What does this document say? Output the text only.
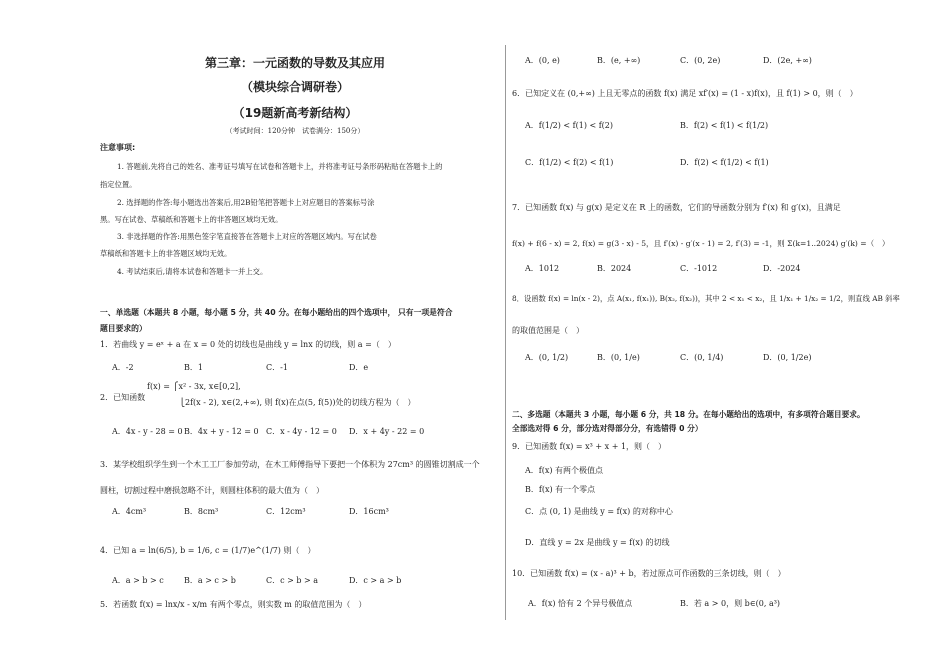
第三章：一元函数的导数及其应用
（模块综合调研卷）
（19题新高考新结构）
（考试时间：120分钟　试卷满分：150分）
注意事项:
1. 答题前,先将自己的姓名、准考证号填写在试卷和答题卡上，并将准考证号条形码粘贴在答题卡上的
指定位置。
2. 选择题的作答:每小题选出答案后,用2B铅笔把答题卡上对应题目的答案标号涂
黑。写在试卷、草稿纸和答题卡上的非答题区域均无效。
3. 非选择题的作答:用黑色签字笔直接答在答题卡上对应的答题区域内。写在试卷
草稿纸和答题卡上的非答题区域均无效。
4. 考试结束后,请将本试卷和答题卡一并上交。
一、单选题（本题共 8 小题，每小题 5 分，共 40 分。在每小题给出的四个选项中， 只有一项是符合
题目要求的）
1．若曲线 y = eˣ + a 在 x = 0 处的切线也是曲线 y = lnx 的切线，则 a =（　）
A．-2	B．1	C．-1	D．e
f(x) = ⎧x² - 3x, x∈[0,2],
2．已知函数
⎩2f(x - 2), x∈(2,+∞), 则 f(x)在点(5, f(5))处的切线方程为（　）
A．4x - y - 28 = 0 B．4x + y - 12 = 0 C．x - 4y - 12 = 0 D．x + 4y - 22 = 0
3．某学校组织学生到一个木工工厂参加劳动，在木工师傅指导下要把一个体积为 27cm³ 的圆锥切割成一个
圆柱，切割过程中磨损忽略不计，则圆柱体积的最大值为（　）
A．4cm³	B．8cm³	C．12cm³	D．16cm³
4．已知 a = ln(6/5), b = 1/6, c = (1/7)e^(1/7) 则（　）
A．a > b > c	B．a > c > b	C．c > b > a	D．c > a > b
5．若函数 f(x) = lnx/x - x/m 有两个零点，则实数 m 的取值范围为（　）
A．(0, e)	B．(e, +∞)	C．(0, 2e)	D．(2e, +∞)
6．已知定义在 (0,+∞) 上且无零点的函数 f(x) 满足 xf′(x) = (1 - x)f(x)，且 f(1) > 0，则（　）
A．f(1/2) < f(1) < f(2)	B．f(2) < f(1) < f(1/2)
C．f(1/2) < f(2) < f(1)	D．f(2) < f(1/2) < f(1)
7．已知函数 f(x) 与 g(x) 是定义在 R 上的函数，它们的导函数分别为 f′(x) 和 g′(x)，且满足
f(x) + f(6 - x) = 2, f(x) = g(3 - x) - 5，且 f′(x) - g′(x - 1) = 2, f′(3) = -1，则 Σ(k=1..2024) g′(k) =（　）
A．1012	B．2024	C．-1012	D．-2024
8．设函数 f(x) = ln(x - 2)，点 A(x₁, f(x₁)), B(x₂, f(x₂))，其中 2 < x₁ < x₂，且 1/x₁ + 1/x₂ = 1/2，则直线 AB 斜率
的取值范围是（　）
A．(0, 1/2)	B．(0, 1/e)	C．(0, 1/4)	D．(0, 1/2e)
二、多选题（本题共 3 小题，每小题 6 分，共 18 分。在每小题给出的选项中，有多项符合题目要求。
全部选对得 6 分，部分选对得部分分，有选错得 0 分）
9．已知函数 f(x) = x³ + x + 1，则（　）
A．f(x) 有两个极值点
B．f(x) 有一个零点
C．点 (0, 1) 是曲线 y = f(x) 的对称中心
D．直线 y = 2x 是曲线 y = f(x) 的切线
10．已知函数 f(x) = (x - a)³ + b，若过原点可作函数的三条切线，则（　）
A．f(x) 恰有 2 个异号极值点	B．若 a > 0，则 b∈(0, a³)
